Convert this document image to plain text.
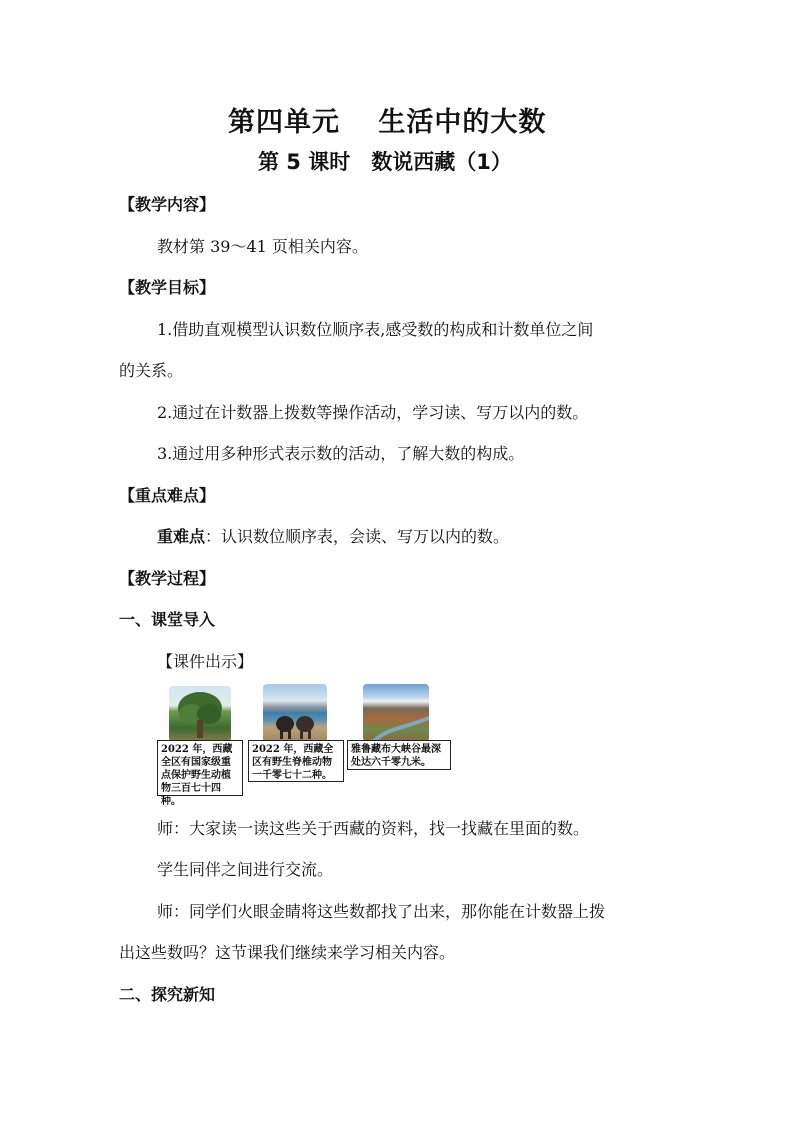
第四单元　 生活中的大数
第 5 课时　数说西藏（1）
【教学内容】
教材第 39～41 页相关内容。
【教学目标】
1.借助直观模型认识数位顺序表,感受数的构成和计数单位之间
的关系。
2.通过在计数器上拨数等操作活动，学习读、写万以内的数。
3.通过用多种形式表示数的活动，了解大数的构成。
【重点难点】
重难点：认识数位顺序表，会读、写万以内的数。
【教学过程】
一、课堂导入
【课件出示】
2022 年，西藏全区有国家级重点保护野生动植物三百七十四种。
2022 年，西藏全区有野生脊椎动物一千零七十二种。
雅鲁藏布大峡谷最深处达六千零九米。
师：大家读一读这些关于西藏的资料，找一找藏在里面的数。
学生同伴之间进行交流。
师：同学们火眼金睛将这些数都找了出来，那你能在计数器上拨
出这些数吗？这节课我们继续来学习相关内容。
二、探究新知
